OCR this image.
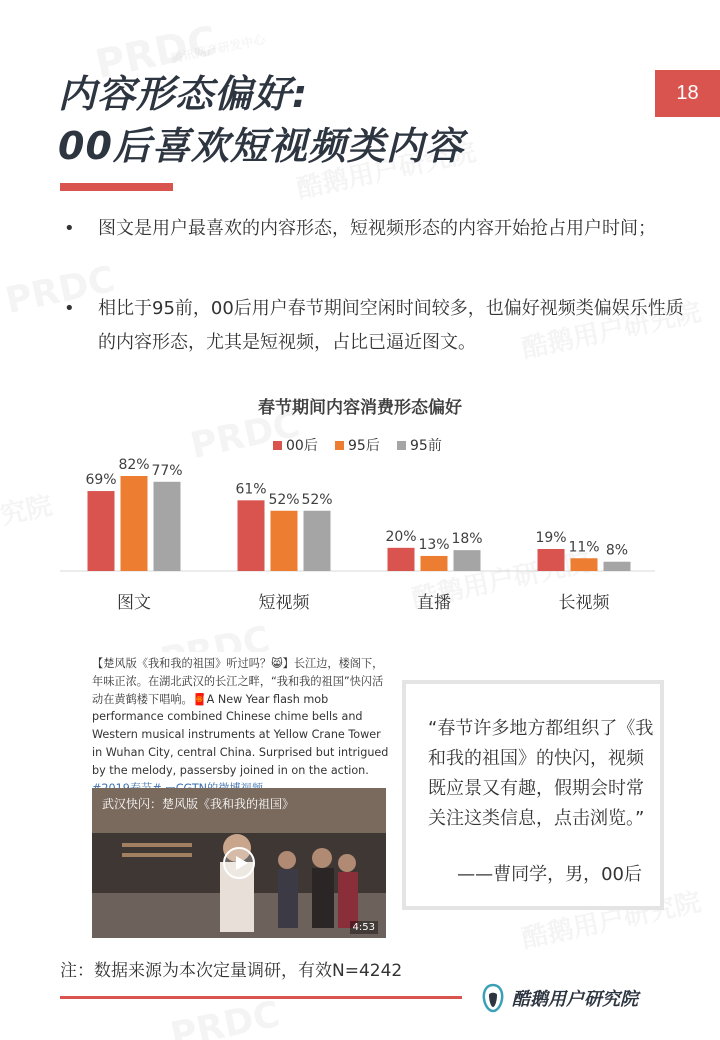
内容形态偏好:
00后喜欢短视频类内容
18
•	图文是用户最喜欢的内容形态，短视频形态的内容开始抢占用户时间；
•	相比于95前，00后用户春节期间空闲时间较多，也偏好视频类偏娱乐性质的内容形态，尤其是短视频，占比已逼近图文。
春节期间内容消费形态偏好
00后 95后 95前
69%
82% 77%
图文
61%
52% 52%
短视频
20%
13% 18%
直播
19%
11% 8%
长视频
【楚风版《我和我的祖国》听过吗？😸】长江边，楼阁下，年味正浓。在湖北武汉的长江之畔，“我和我的祖国”快闪活动在黄鹤楼下唱响。🧧A New Year flash mob performance combined Chinese chime bells and Western musical instruments at Yellow Crane Tower in Wuhan City, central China. Surprised but intrigued by the melody, passersby joined in on the action.
武汉快闪：楚风版《我和我的祖国》
4:53
“春节许多地方都组织了《我和我的祖国》的快闪，视频既应景又有趣，假期会时常关注这类信息，点击浏览。”
——曹同学，男，00后
注：数据来源为本次定量调研，有效N=4242
酷鹅用户研究院
